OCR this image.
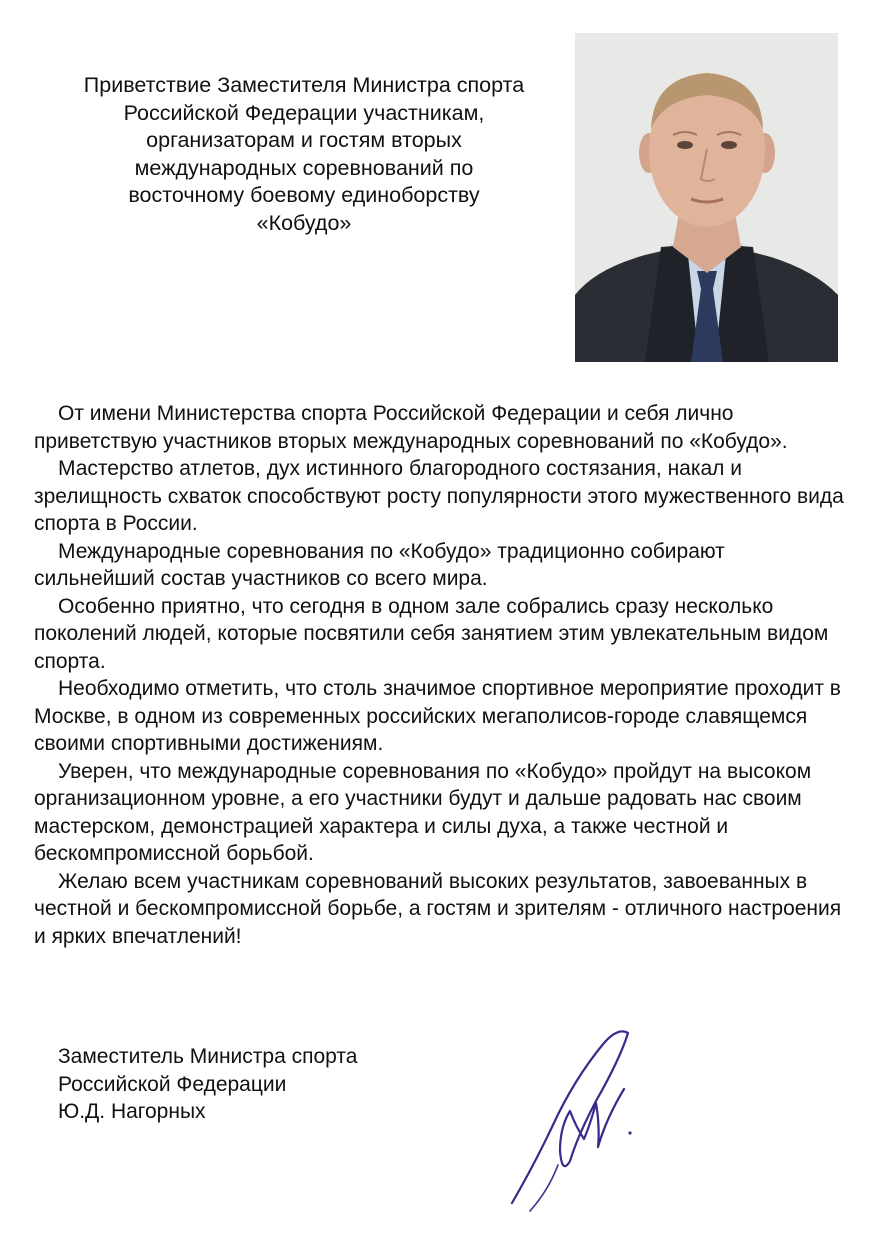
Приветствие Заместителя Министра спорта
Российской Федерации участникам,
организаторам и гостям вторых
международных соревнований по
восточному боевому единоборству
«Кобудо»

От имени Министерства спорта Российской Федерации и себя лично приветствую участников вторых международных соревнований по «Кобудо».

Мастерство атлетов, дух истинного благородного состязания, накал и зрелищность схваток способствуют росту популярности этого мужественного вида спорта в России.

Международные соревнования по «Кобудо» традиционно собирают сильнейший состав участников со всего мира.

Особенно приятно, что сегодня в одном зале собрались сразу несколько поколений людей, которые посвятили себя занятием этим увлекательным видом спорта.

Необходимо отметить, что столь значимое спортивное мероприятие проходит в Москве, в одном из современных российских мегаполисов-городе славящемся своими спортивными достижениям.

Уверен, что международные соревнования по «Кобудо» пройдут на высоком организационном уровне, а его участники будут и дальше радовать нас своим мастерском, демонстрацией характера и силы духа, а также честной и бескомпромиссной борьбой.

Желаю всем участникам соревнований высоких результатов, завоеванных в честной и бескомпромиссной борьбе, а гостям и зрителям - отличного настроения и ярких впечатлений!

Заместитель Министра спорта
Российской Федерации
Ю.Д. Нагорных
